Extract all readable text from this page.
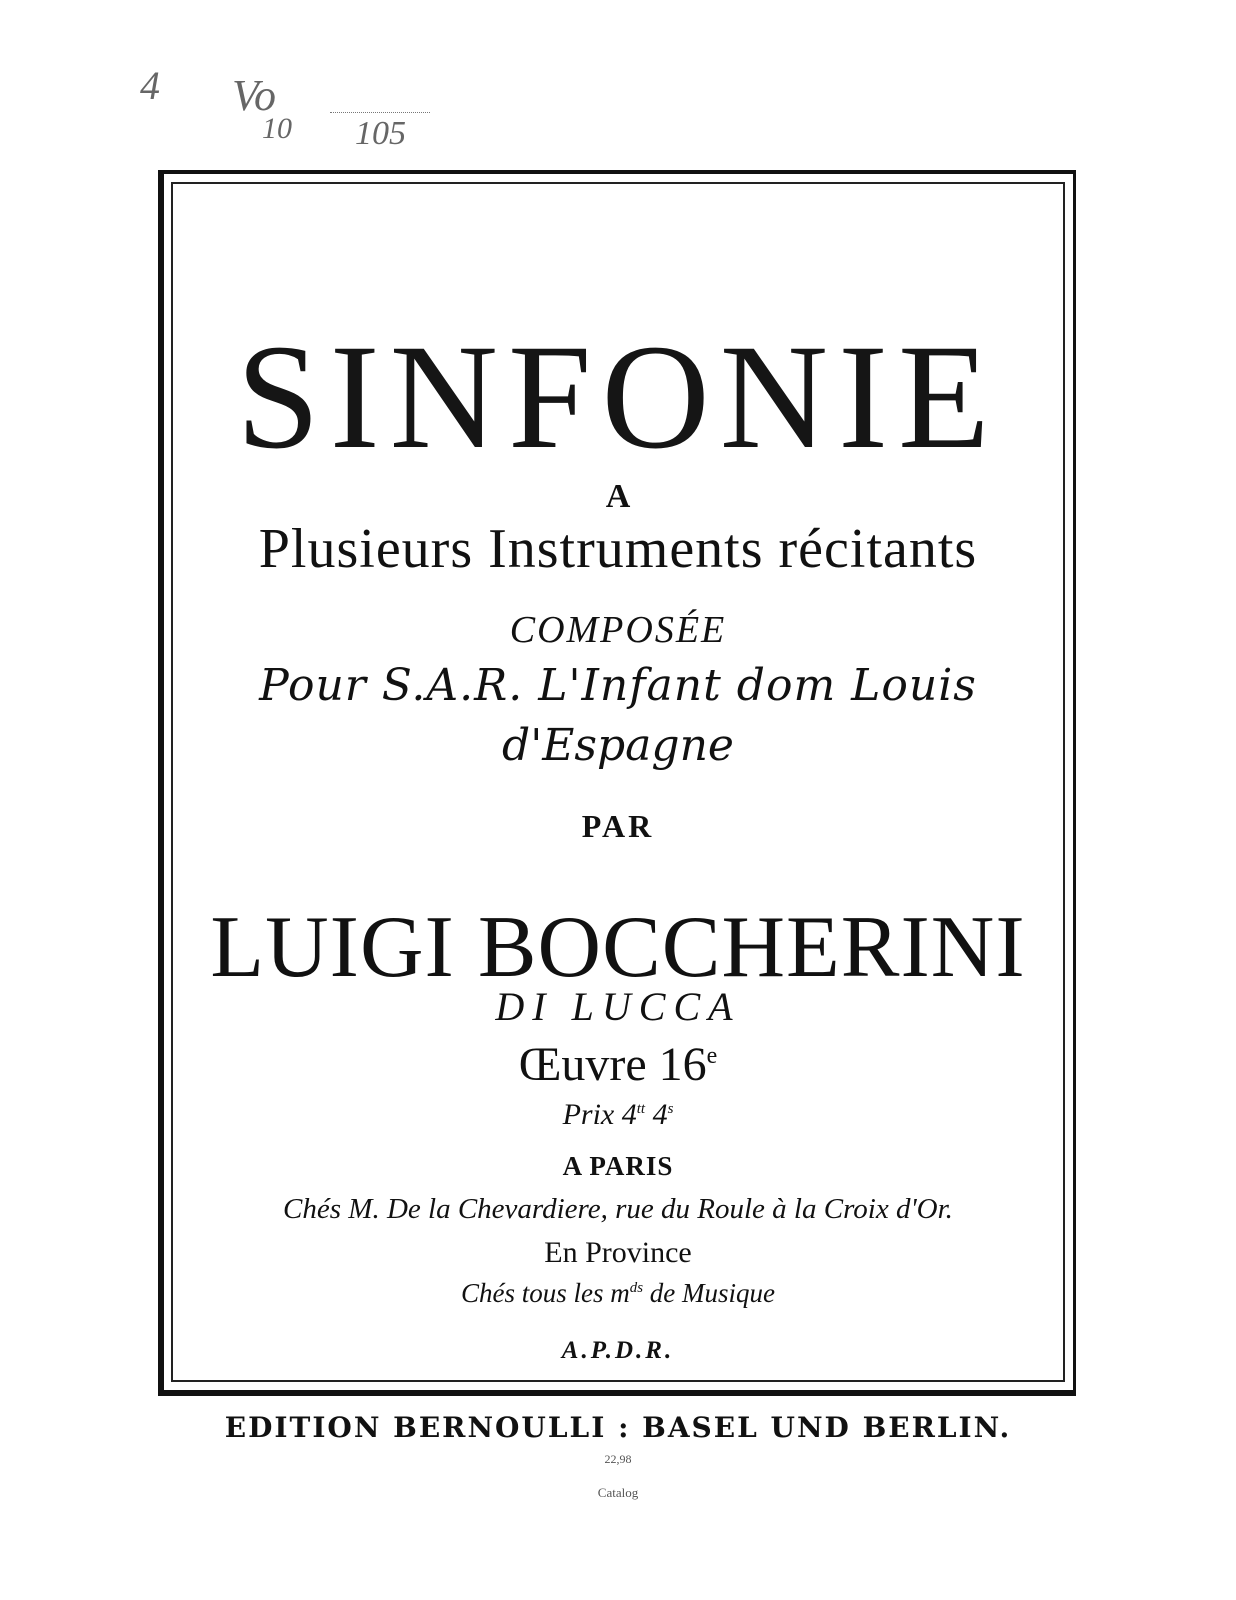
4 Vo
10 105
SINFONIE
A
Plusieurs Instruments récitants
COMPOSÉE
Pour S.A.R. L'Infant dom Louis
d'Espagne
PAR
LUIGI BOCCHERINI
DI LUCCA
Œuvre 16e
Prix $4^{tt}$ 4$^s$
A PARIS
Chés M. De la Chevardiere, rue du Roule à la Croix d'Or.
En Province
Chés tous les $m^{ds}$ de Musique
A.P.D.R.
EDITION BERNOULLI : BASEL UND BERLIN.
22,98
Catalog
